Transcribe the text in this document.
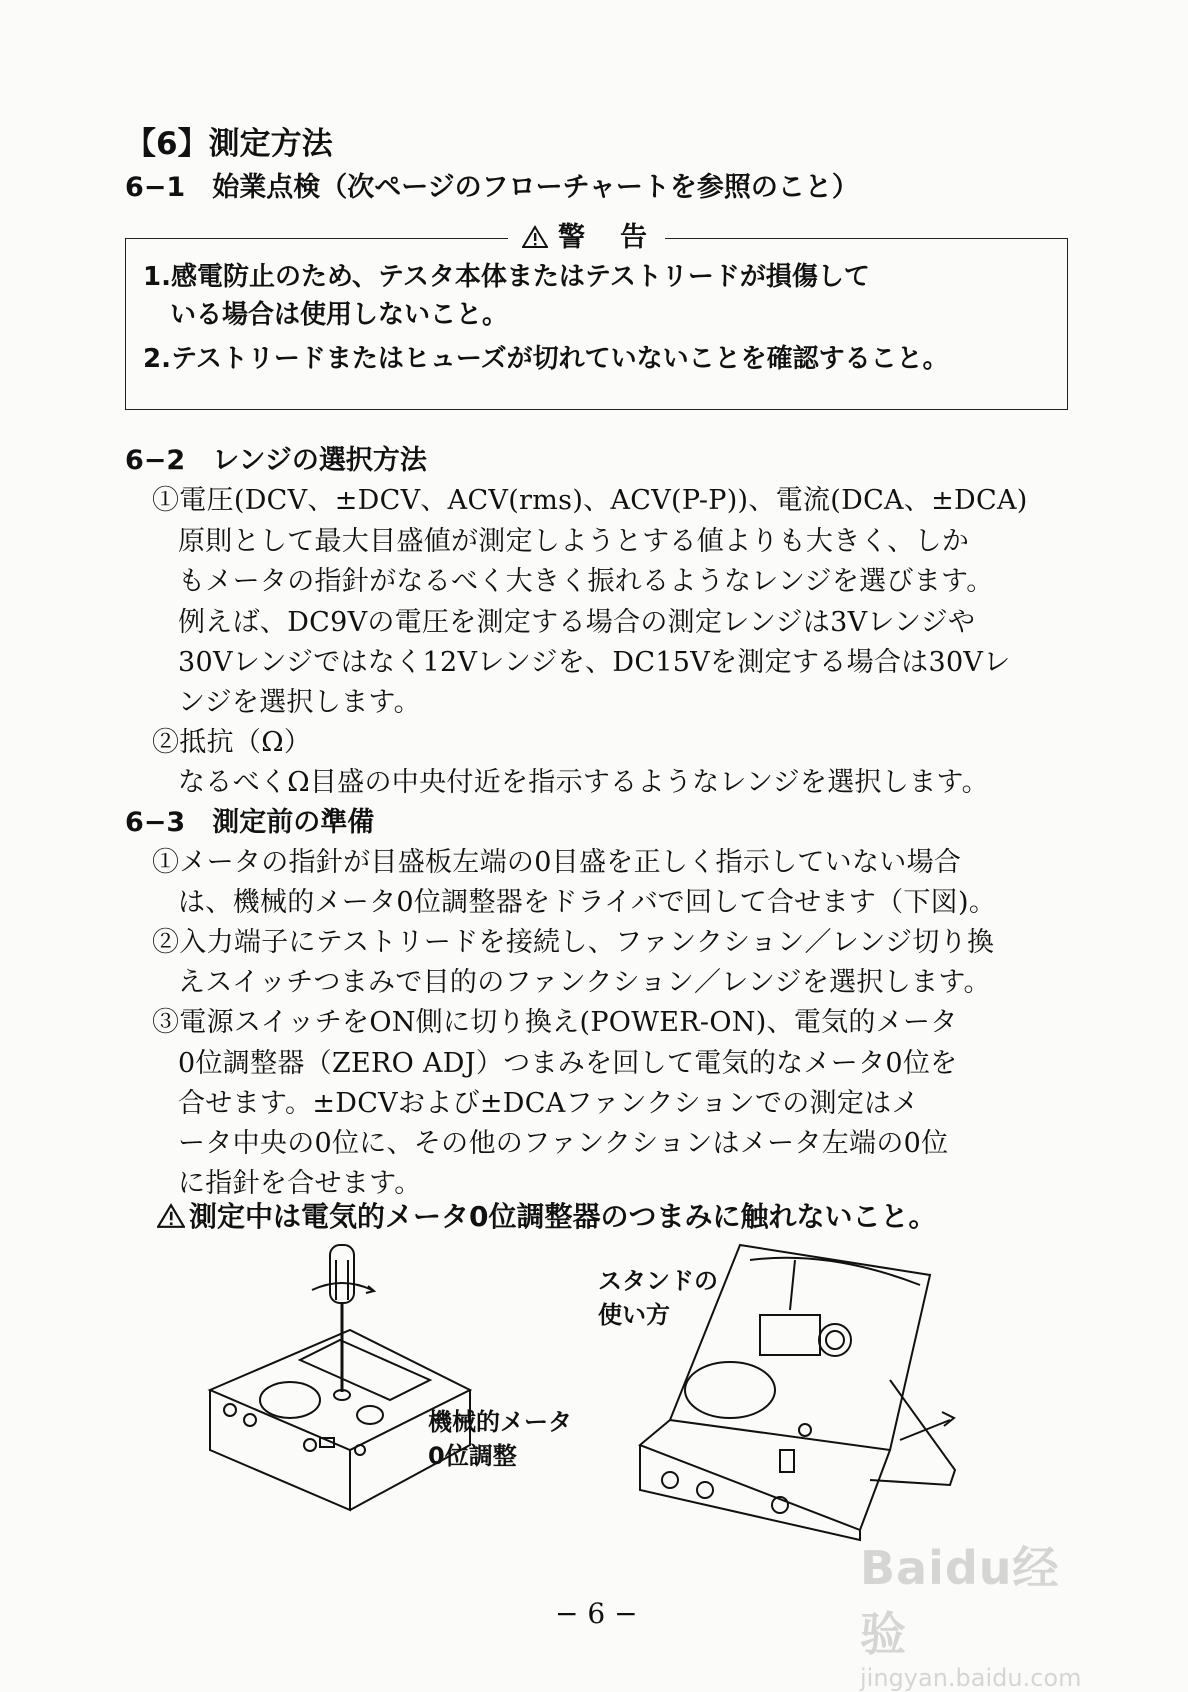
【6】測定方法
6−1　始業点検（次ページのフローチャートを参照のこと）
警　告
1.感電防止のため、テスタ本体またはテストリードが損傷して
いる場合は使用しないこと。
2.テストリードまたはヒューズが切れていないことを確認すること。
6−2　レンジの選択方法
①電圧(DCV、±DCV、ACV(rms)、ACV(P-P))、電流(DCA、±DCA)
原則として最大目盛値が測定しようとする値よりも大きく、しか
もメータの指針がなるべく大きく振れるようなレンジを選びます。
例えば、DC9Vの電圧を測定する場合の測定レンジは3Vレンジや
30Vレンジではなく12Vレンジを、DC15Vを測定する場合は30Vレ
ンジを選択します。
②抵抗（Ω）
なるべくΩ目盛の中央付近を指示するようなレンジを選択します。
6−3　測定前の準備
①メータの指針が目盛板左端の0目盛を正しく指示していない場合
は、機械的メータ0位調整器をドライバで回して合せます（下図)。
②入力端子にテストリードを接続し、ファンクション／レンジ切り換
えスイッチつまみで目的のファンクション／レンジを選択します。
③電源スイッチをON側に切り換え(POWER-ON)、電気的メータ
0位調整器（ZERO ADJ）つまみを回して電気的なメータ0位を
合せます。±DCVおよび±DCAファンクションでの測定はメ
ータ中央の0位に、その他のファンクションはメータ左端の0位
に指針を合せます。
測定中は電気的メータ0位調整器のつまみに触れないこと。
機械的メータ
0位調整
スタンドの
使い方
− 6 −
Baidu经验
jingyan.baidu.com
